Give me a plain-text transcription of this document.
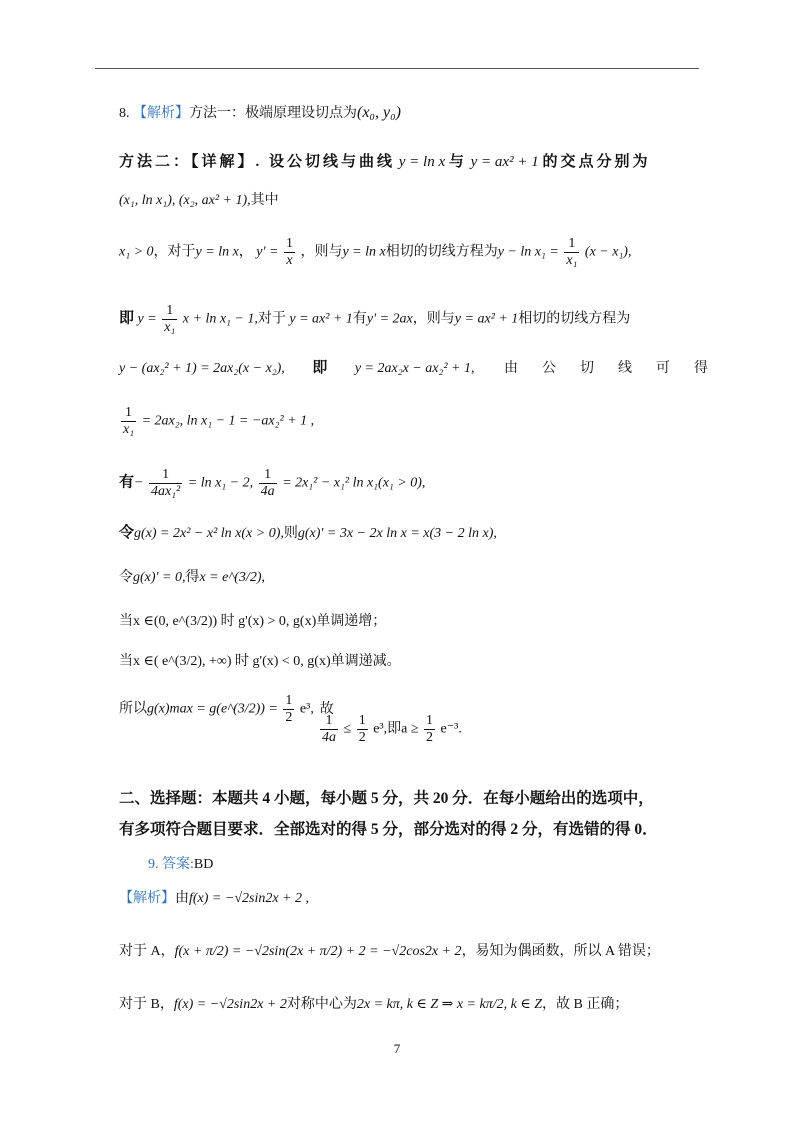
8. 【解析】方法一：极端原理设切点为(x₀, y₀)
方法二：【详解】. 设公切线与曲线 y = ln x 与 y = ax² + 1 的交点分别为
(x₁, ln x₁), (x₂, ax² + 1),其中
x₁ > 0，对于y = ln x， $y' = \frac{1}{x}$ ，则与y = ln x相切的切线方程为$y - \ln x_1 = \frac{1}{\text{x₁}} (x - x_1)$,
即 $y = \frac{1}{\text{x₁}}$ x + ln x₁ − 1,对于 y = ax² + 1有y' = 2ax，则与y = ax² + 1相切的切线方程为
y − (ax₂² + 1) = 2ax₂(x − x₂), 即 y = 2ax₂x − ax₂² + 1, 由公切线可得
$\frac{1}{\text{x₁}} = 2ax_2$, ln x₁ − 1 = −ax₂² + 1 ,
有− $\frac{1}{\text{4ax₁²}} = \ln x_1 - 2$, $\frac{1}{4a} = 2x_1^2 - x_1^2$ ln x₁(x₁ > 0),
令g(x) = 2x² − x² ln x(x > 0),则g(x)' = 3x − 2x ln x = x(3 − 2 ln x),
令g(x)' = 0,得x = e^(3/2),
当x ∈(0, e^(3/2)) 时 g'(x) > 0, g(x)单调递增；
当x ∈( e^(3/2), +∞) 时 g'(x) < 0, g(x)单调递减。
所以g(x)max = g(e^(3/2)) = $\frac{1}{2} e^3$, 故
$\frac{1}{4a} \le \frac{1}{2} e^3$,即$a \ge \frac{1}{2} e^{-3}$.
二、选择题：本题共 4 小题，每小题 5 分，共 20 分．在每小题给出的选项中，
有多项符合题目要求．全部选对的得 5 分，部分选对的得 2 分，有选错的得 0．
9. 答案:BD
【解析】由f(x) = −√2sin2x + 2 ,
对于 A，f(x + π/2) = −√2sin(2x + π/2) + 2 = −√2cos2x + 2，易知为偶函数，所以 A 错误；
对于 B，f(x) = −√2sin2x + 2对称中心为2x = kπ, k ∈ Z ⇒ x = kπ/2, k ∈ Z，故 B 正确；
7
